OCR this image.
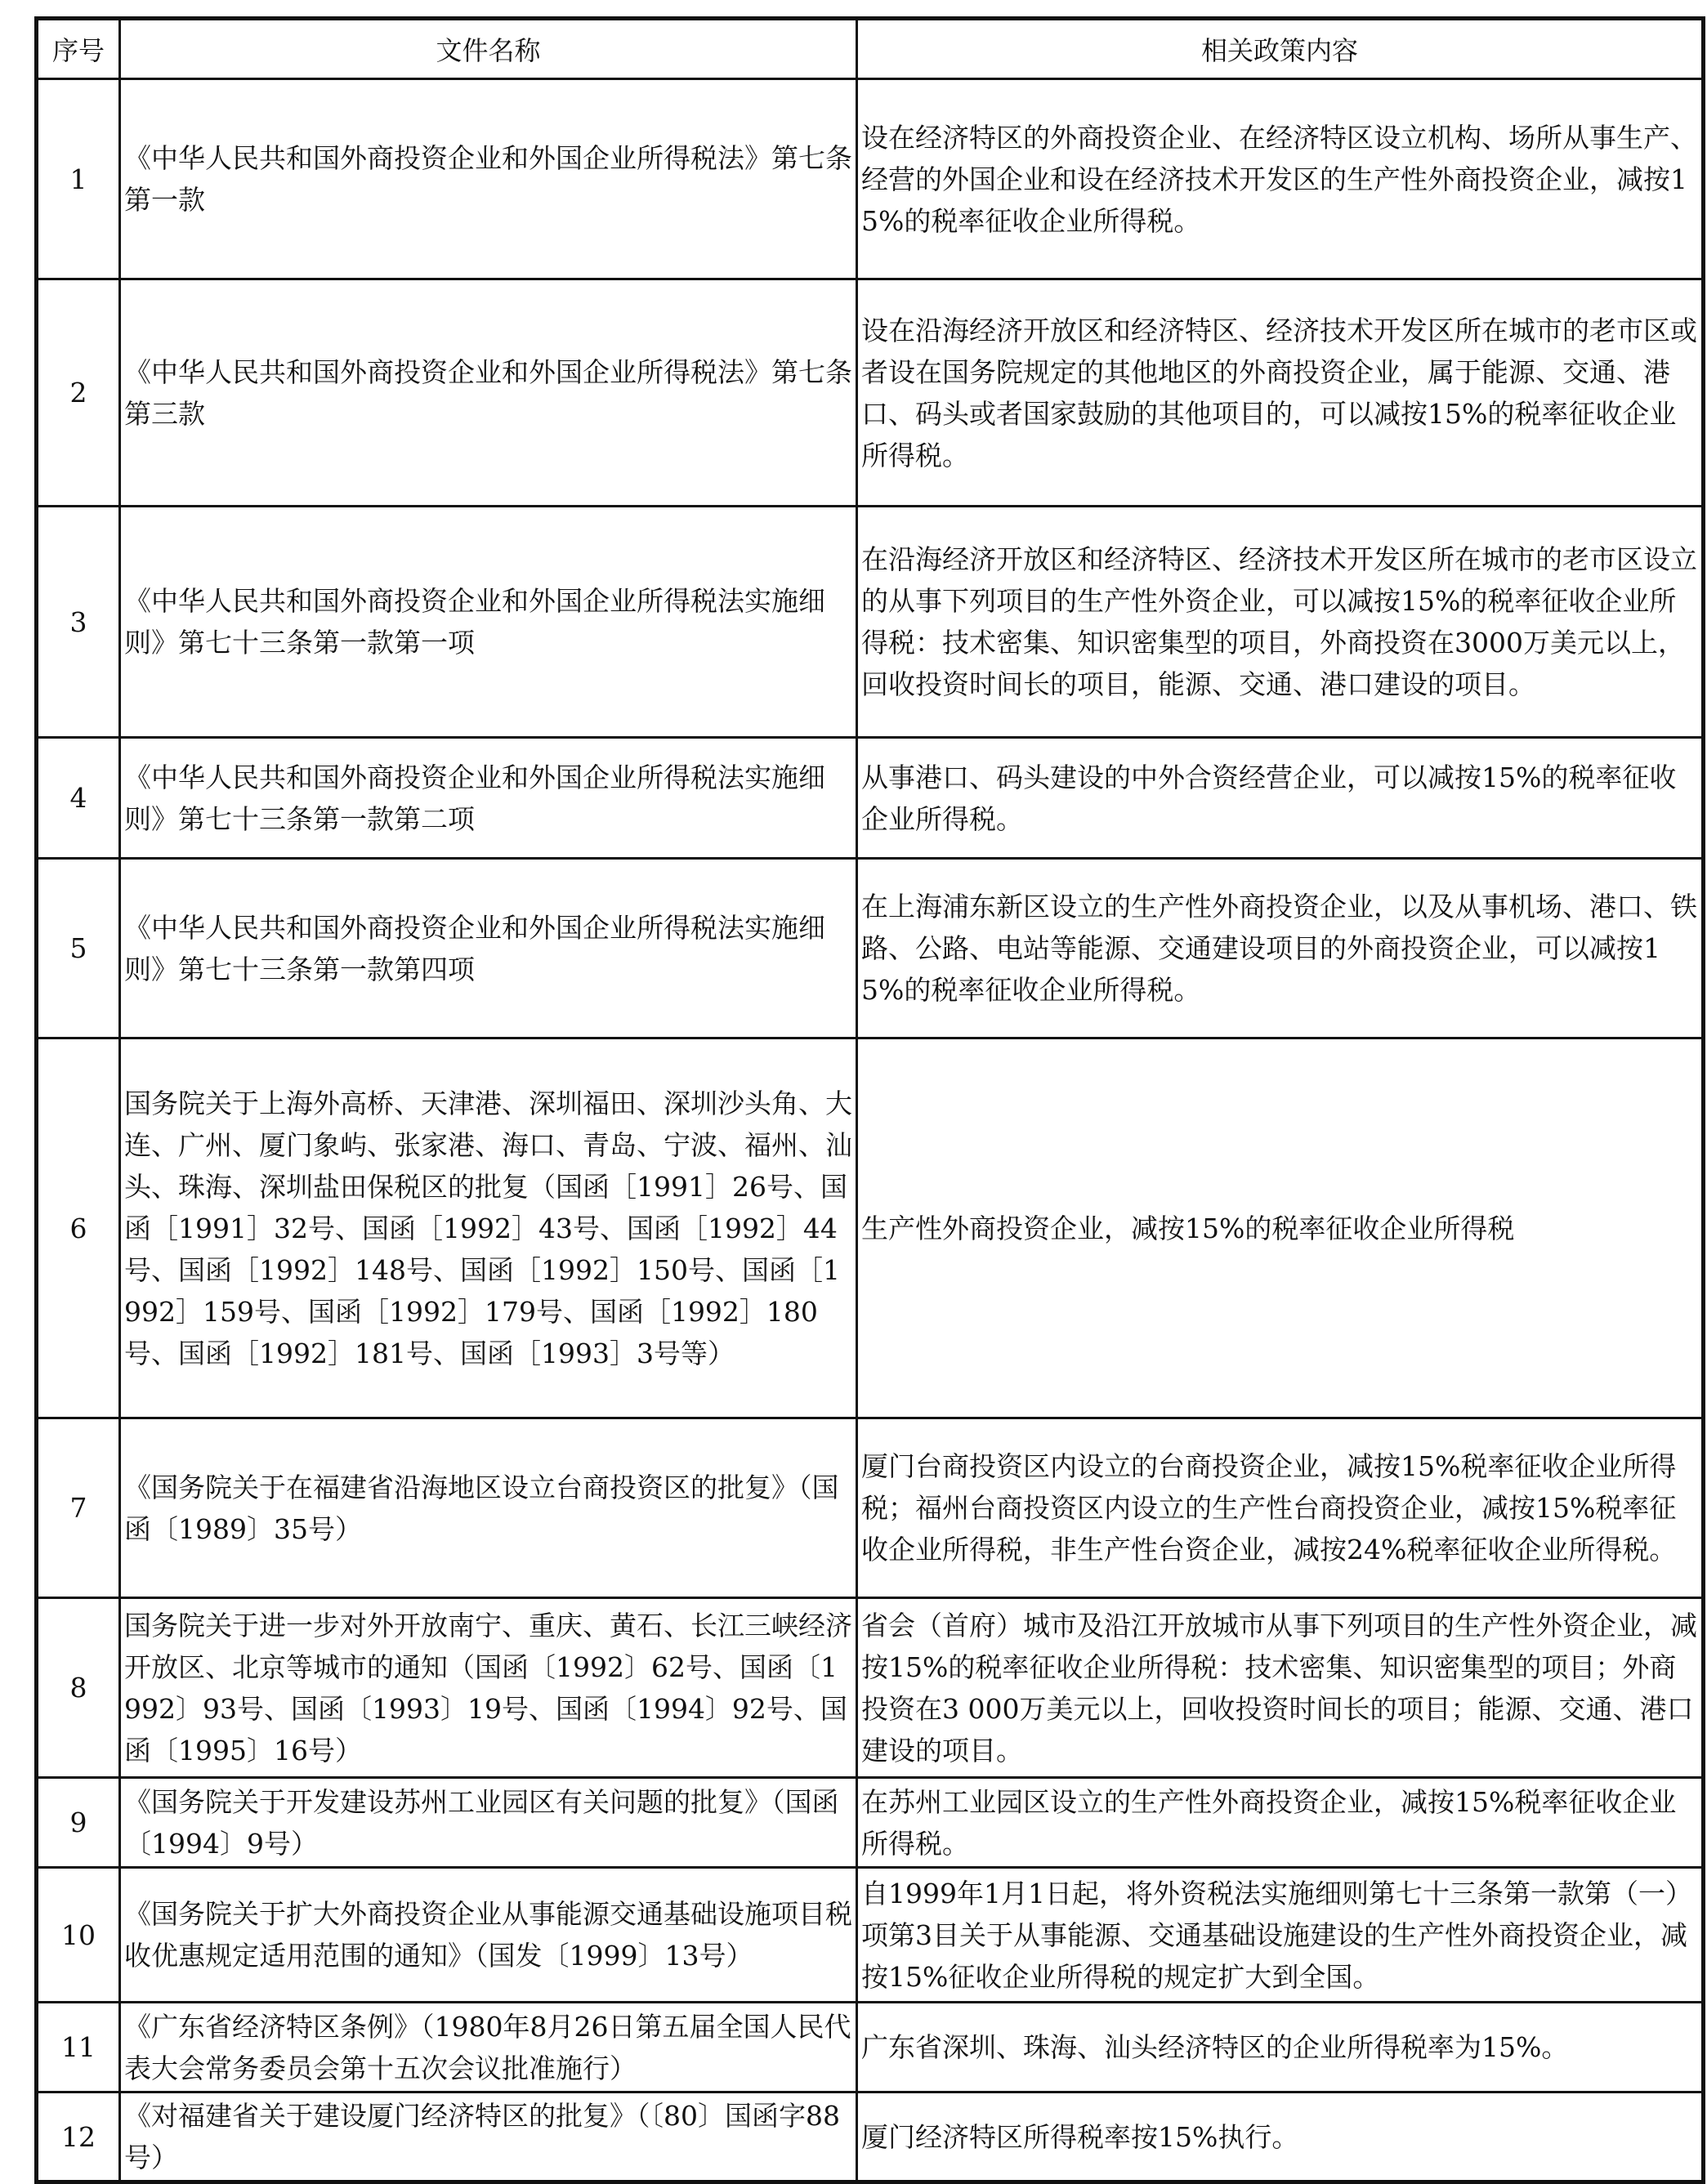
序号	文件名称	相关政策内容
1	《中华人民共和国外商投资企业和外国企业所得税法》第七条第一款	设在经济特区的外商投资企业、在经济特区设立机构、场所从事生产、经营的外国企业和设在经济技术开发区的生产性外商投资企业，减按15%的税率征收企业所得税。
2	《中华人民共和国外商投资企业和外国企业所得税法》第七条第三款	设在沿海经济开放区和经济特区、经济技术开发区所在城市的老市区或者设在国务院规定的其他地区的外商投资企业，属于能源、交通、港口、码头或者国家鼓励的其他项目的，可以减按15%的税率征收企业所得税。
3	《中华人民共和国外商投资企业和外国企业所得税法实施细则》第七十三条第一款第一项	在沿海经济开放区和经济特区、经济技术开发区所在城市的老市区设立的从事下列项目的生产性外资企业，可以减按15%的税率征收企业所得税：技术密集、知识密集型的项目，外商投资在3000万美元以上，回收投资时间长的项目，能源、交通、港口建设的项目。
4	《中华人民共和国外商投资企业和外国企业所得税法实施细则》第七十三条第一款第二项	从事港口、码头建设的中外合资经营企业，可以减按15%的税率征收企业所得税。
5	《中华人民共和国外商投资企业和外国企业所得税法实施细则》第七十三条第一款第四项	在上海浦东新区设立的生产性外商投资企业，以及从事机场、港口、铁路、公路、电站等能源、交通建设项目的外商投资企业，可以减按15%的税率征收企业所得税。
6	国务院关于上海外高桥、天津港、深圳福田、深圳沙头角、大连、广州、厦门象屿、张家港、海口、青岛、宁波、福州、汕头、珠海、深圳盐田保税区的批复（国函［1991］26号、国函［1991］32号、国函［1992］43号、国函［1992］44号、国函［1992］148号、国函［1992］150号、国函［1992］159号、国函［1992］179号、国函［1992］180号、国函［1992］181号、国函［1993］3号等）	生产性外商投资企业，减按15%的税率征收企业所得税
7	《国务院关于在福建省沿海地区设立台商投资区的批复》（国函〔1989〕35号）	厦门台商投资区内设立的台商投资企业，减按15%税率征收企业所得税；福州台商投资区内设立的生产性台商投资企业，减按15%税率征收企业所得税，非生产性台资企业，减按24%税率征收企业所得税。
8	国务院关于进一步对外开放南宁、重庆、黄石、长江三峡经济开放区、北京等城市的通知（国函〔1992〕62号、国函〔1992〕93号、国函〔1993〕19号、国函〔1994〕92号、国函〔1995〕16号）	省会（首府）城市及沿江开放城市从事下列项目的生产性外资企业，减按15%的税率征收企业所得税：技术密集、知识密集型的项目；外商投资在3 000万美元以上，回收投资时间长的项目；能源、交通、港口建设的项目。
9	《国务院关于开发建设苏州工业园区有关问题的批复》（国函〔1994〕9号）	在苏州工业园区设立的生产性外商投资企业，减按15%税率征收企业所得税。
10	《国务院关于扩大外商投资企业从事能源交通基础设施项目税收优惠规定适用范围的通知》（国发〔1999〕13号）	自1999年1月1日起，将外资税法实施细则第七十三条第一款第（一）项第3目关于从事能源、交通基础设施建设的生产性外商投资企业，减按15%征收企业所得税的规定扩大到全国。
11	《广东省经济特区条例》（1980年8月26日第五届全国人民代表大会常务委员会第十五次会议批准施行）	广东省深圳、珠海、汕头经济特区的企业所得税率为15%。
12	《对福建省关于建设厦门经济特区的批复》（〔80〕国函字88号）	厦门经济特区所得税率按15%执行。
